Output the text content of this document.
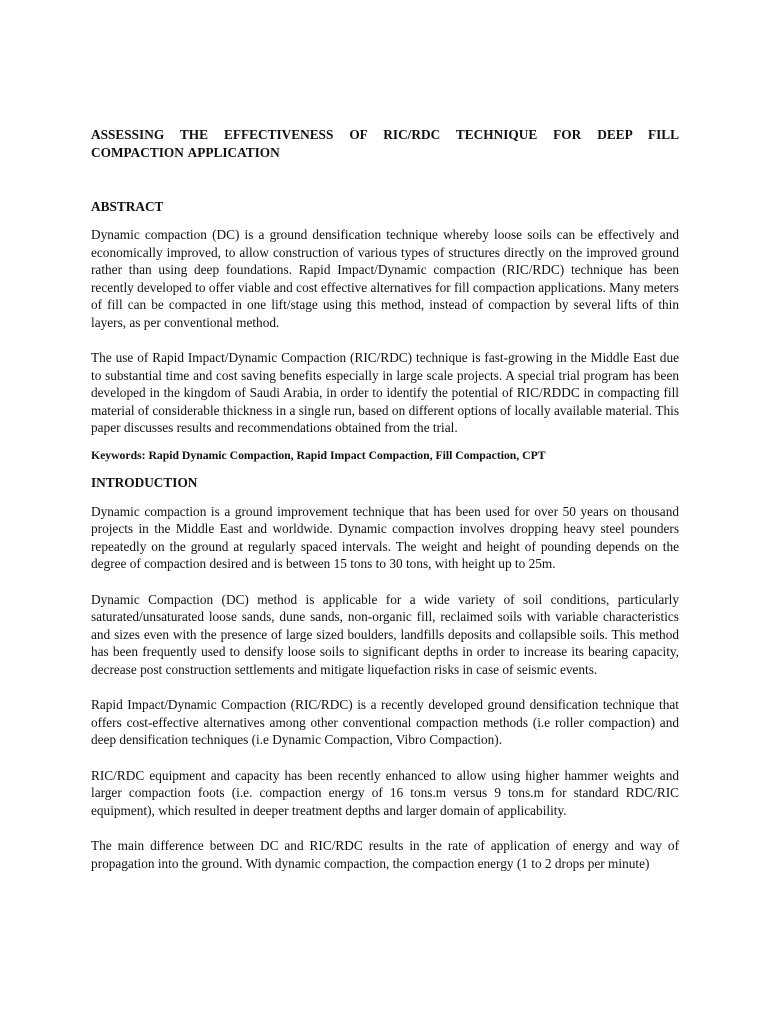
ASSESSING THE EFFECTIVENESS OF RIC/RDC TECHNIQUE FOR DEEP FILL COMPACTION APPLICATION

ABSTRACT

Dynamic compaction (DC) is a ground densification technique whereby loose soils can be effectively and economically improved, to allow construction of various types of structures directly on the improved ground rather than using deep foundations. Rapid Impact/Dynamic compaction (RIC/RDC) technique has been recently developed to offer viable and cost effective alternatives for fill compaction applications. Many meters of fill can be compacted in one lift/stage using this method, instead of compaction by several lifts of thin layers, as per conventional method.

The use of Rapid Impact/Dynamic Compaction (RIC/RDC) technique is fast-growing in the Middle East due to substantial time and cost saving benefits especially in large scale projects. A special trial program has been developed in the kingdom of Saudi Arabia, in order to identify the potential of RIC/RDDC in compacting fill material of considerable thickness in a single run, based on different options of locally available material. This paper discusses results and recommendations obtained from the trial.

Keywords: Rapid Dynamic Compaction, Rapid Impact Compaction, Fill Compaction, CPT

INTRODUCTION

Dynamic compaction is a ground improvement technique that has been used for over 50 years on thousand projects in the Middle East and worldwide. Dynamic compaction involves dropping heavy steel pounders repeatedly on the ground at regularly spaced intervals. The weight and height of pounding depends on the degree of compaction desired and is between 15 tons to 30 tons, with height up to 25m.

Dynamic Compaction (DC) method is applicable for a wide variety of soil conditions, particularly saturated/unsaturated loose sands, dune sands, non-organic fill, reclaimed soils with variable characteristics and sizes even with the presence of large sized boulders, landfills deposits and collapsible soils. This method has been frequently used to densify loose soils to significant depths in order to increase its bearing capacity, decrease post construction settlements and mitigate liquefaction risks in case of seismic events.

Rapid Impact/Dynamic Compaction (RIC/RDC) is a recently developed ground densification technique that offers cost-effective alternatives among other conventional compaction methods (i.e roller compaction) and deep densification techniques (i.e Dynamic Compaction, Vibro Compaction).

RIC/RDC equipment and capacity has been recently enhanced to allow using higher hammer weights and larger compaction foots (i.e. compaction energy of 16 tons.m versus 9 tons.m for standard RDC/RIC equipment), which resulted in deeper treatment depths and larger domain of applicability.

The main difference between DC and RIC/RDC results in the rate of application of energy and way of propagation into the ground. With dynamic compaction, the compaction energy (1 to 2 drops per minute)
